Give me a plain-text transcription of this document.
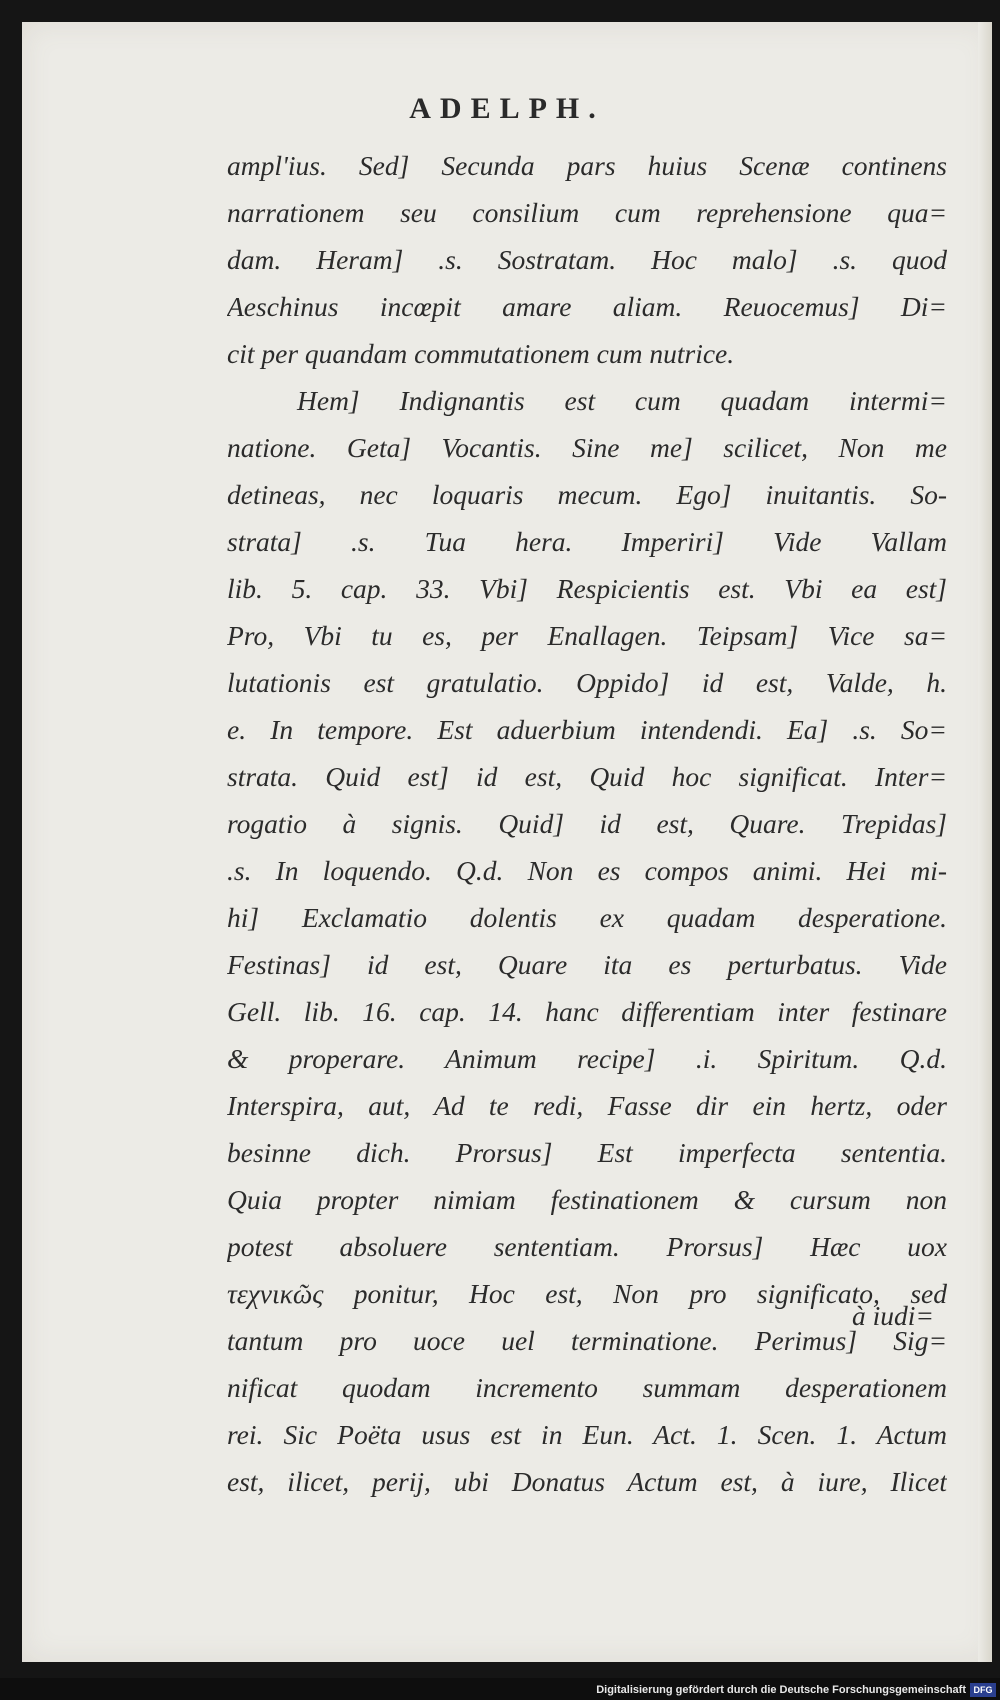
ADELPH.
ampl'ius. Sed] Secunda pars huius Scenæ continens
narrationem seu consilium cum reprehensione qua=
dam. Heram] .s. Sostratam. Hoc malo] .s. quod
Aeschinus incœpit amare aliam. Reuocemus] Di=
cit per quandam commutationem cum nutrice.
Hem] Indignantis est cum quadam intermi=
natione. Geta] Vocantis. Sine me] scilicet, Non me
detineas, nec loquaris mecum. Ego] inuitantis. So-
strata] .s. Tua hera. Imperiri] Vide Vallam
lib. 5. cap. 33. Vbi] Respicientis est. Vbi ea est]
Pro, Vbi tu es, per Enallagen. Teipsam] Vice sa=
lutationis est gratulatio. Oppido] id est, Valde, h.
e. In tempore. Est aduerbium intendendi. Ea] .s. So=
strata. Quid est] id est, Quid hoc significat. Inter=
rogatio à signis. Quid] id est, Quare. Trepidas]
.s. In loquendo. Q.d. Non es compos animi. Hei mi-
hi] Exclamatio dolentis ex quadam desperatione.
Festinas] id est, Quare ita es perturbatus. Vide
Gell. lib. 16. cap. 14. hanc differentiam inter festinare
& properare. Animum recipe] .i. Spiritum. Q.d.
Interspira, aut, Ad te redi, Fasse dir ein hertz, oder
besinne dich. Prorsus] Est imperfecta sententia.
Quia propter nimiam festinationem & cursum non
potest absoluere sententiam. Prorsus] Hæc uox
τεχνικῶς ponitur, Hoc est, Non pro significato, sed
tantum pro uoce uel terminatione. Perimus] Sig=
nificat quodam incremento summam desperationem
rei. Sic Poëta usus est in Eun. Act. 1. Scen. 1. Actum
est, ilicet, perij, ubi Donatus Actum est, à iure, Ilicet
à iudi=
Digitalisierung gefördert durch die Deutsche Forschungsgemeinschaft DFG
